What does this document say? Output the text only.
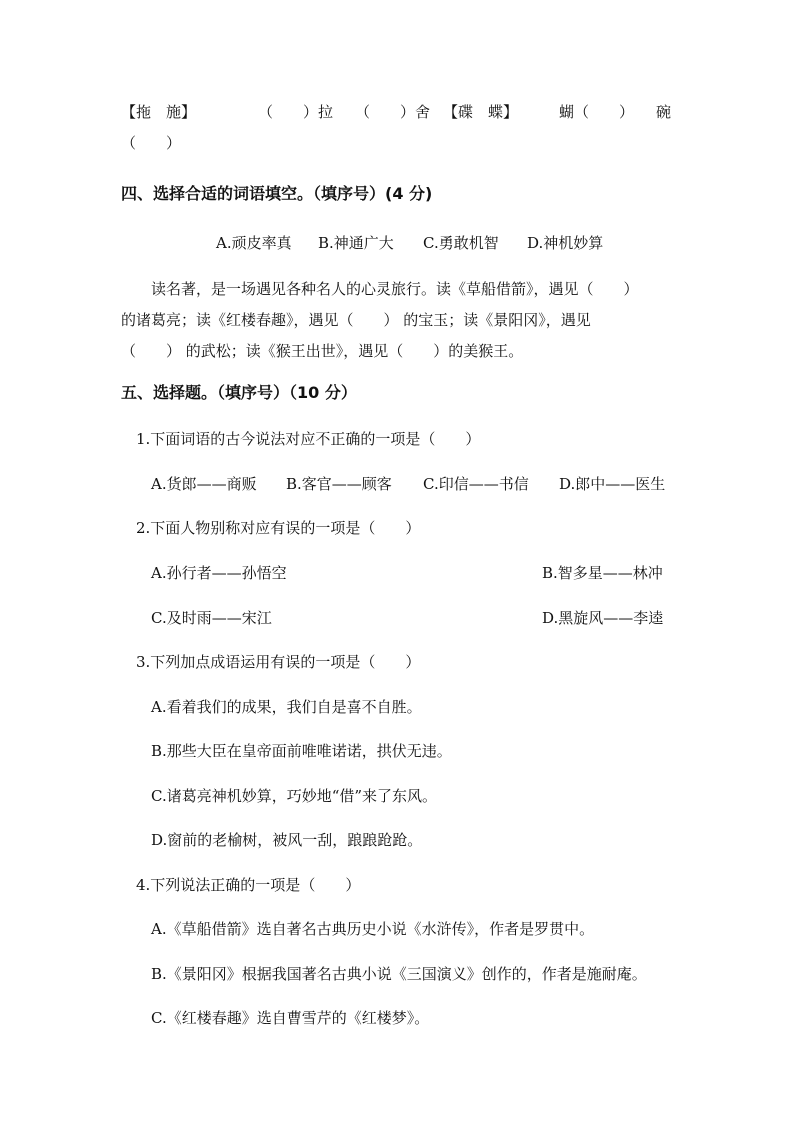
【拖　施】	（　　）拉 （　　）舍 【碟　蝶】	蝴（　　） 碗
（　　）
四、选择合适的词语填空。（填序号）(4 分)
A.顽皮率真 B.神通广大 C.勇敢机智 D.神机妙算
读名著，是一场遇见各种名人的心灵旅行。读《草船借箭》，遇见（　　）
的诸葛亮；读《红楼春趣》，遇见（　　） 的宝玉；读《景阳冈》，遇见
（　　） 的武松；读《猴王出世》，遇见（　　）的美猴王。
五、选择题。（填序号）（10 分）
1.下面词语的古今说法对应不正确的一项是（　　）
A.货郎——商贩 B.客官——顾客 C.印信——书信 D.郎中——医生
2.下面人物别称对应有误的一项是（　　）
A.孙行者——孙悟空	B.智多星——林冲
C.及时雨——宋江	D.黑旋风——李逵
3.下列加点成语运用有误的一项是（　　）
A.看着我们的成果，我们自是喜不自胜。
B.那些大臣在皇帝面前唯唯诺诺，拱伏无违。
C.诸葛亮神机妙算，巧妙地“借”来了东风。
D.窗前的老榆树，被风一刮，踉踉跄跄。
4.下列说法正确的一项是（　　）
A.《草船借箭》选自著名古典历史小说《水浒传》，作者是罗贯中。
B.《景阳冈》根据我国著名古典小说《三国演义》创作的，作者是施耐庵。
C.《红楼春趣》选自曹雪芹的《红楼梦》。
